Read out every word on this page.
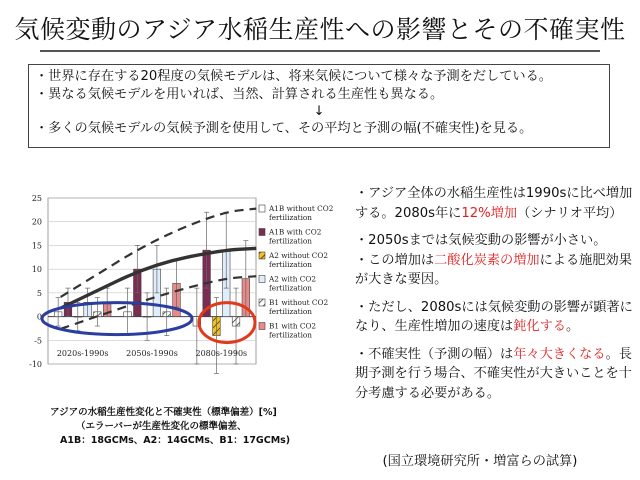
気候変動のアジア水稲生産性への影響とその不確実性
・世界に存在する20程度の気候モデルは、将来気候について様々な予測をだしている。
・異なる気候モデルを用いれば、当然、計算される生産性も異なる。
↓
・多くの気候モデルの気候予測を使用して、その平均と予測の幅(不確実性)を見る。
-10
-5
0
5
10
15
20
25
2020s-1990s 2050s-1990s 2080s-1990s
A1B without CO2
fertilization
A1B with CO2
fertilization
A2 without CO2
fertilization
A2 with CO2
fertilization
B1 without CO2
fertilization
B1 with CO2
fertilization
アジアの水稲生産性変化と不確実性（標準偏差）[%]
（エラーバーが生産性変化の標準偏差、
A1B：18GCMs、A2：14GCMs、B1：17GCMs)
・アジア全体の水稲生産性は1990sに比べ増加する。2080s年に12%増加（シナリオ平均）
・2050sまでは気候変動の影響が小さい。
・この増加は二酸化炭素の増加による施肥効果が大きな要因。
・ただし、2080sには気候変動の影響が顕著になり、生産性増加の速度は鈍化する。
・不確実性（予測の幅）は年々大きくなる。長期予測を行う場合、不確実性が大きいことを十分考慮する必要がある。
(国立環境研究所・増富らの試算)
